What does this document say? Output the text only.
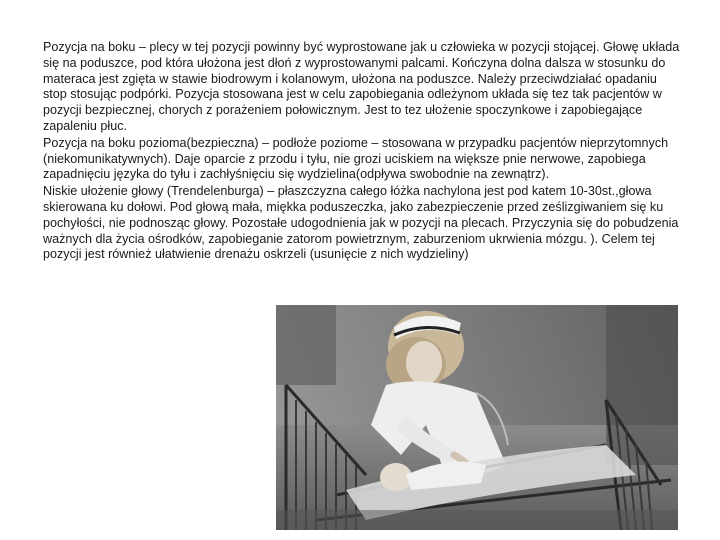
Pozycja na boku – plecy w tej pozycji powinny być wyprostowane jak u człowieka w pozycji stojącej. Głowę układa się na poduszce, pod która ułożona jest dłoń z wyprostowanymi palcami. Kończyna dolna dalsza w stosunku do materaca jest zgięta w stawie biodrowym i kolanowym, ułożona na poduszce. Należy przeciwdziałać opadaniu stop stosując podpórki. Pozycja stosowana jest w celu zapobiegania odleżynom układa się tez tak pacjentów w pozycji bezpiecznej, chorych z porażeniem połowicznym. Jest to tez ułożenie spoczynkowe i zapobiegające zapaleniu płuc.

Pozycja na boku pozioma(bezpieczna) – podłoże poziome – stosowana w przypadku pacjentów nieprzytomnych (niekomunikatywnych). Daje oparcie z przodu i tyłu, nie grozi uciskiem na większe pnie nerwowe, zapobiega zapadnięciu języka do tyłu i zachłyśnięciu się wydzielina(odpływa swobodnie na zewnątrz).

Niskie ułożenie głowy (Trendelenburga) – płaszczyzna całego łóżka nachylona jest pod katem 10-30st.,głowa skierowana ku dołowi. Pod głową mała, miękka poduszeczka, jako zabezpieczenie przed ześlizgiwaniem się ku pochyłości, nie podnosząc głowy. Pozostałe udogodnienia jak w pozycji na plecach. Przyczynia się do pobudzenia ważnych dla życia ośrodków, zapobieganie zatorom powietrznym, zaburzeniom ukrwienia mózgu. ). Celem tej pozycji jest również ułatwienie drenażu oskrzeli (usunięcie z nich wydzieliny)
